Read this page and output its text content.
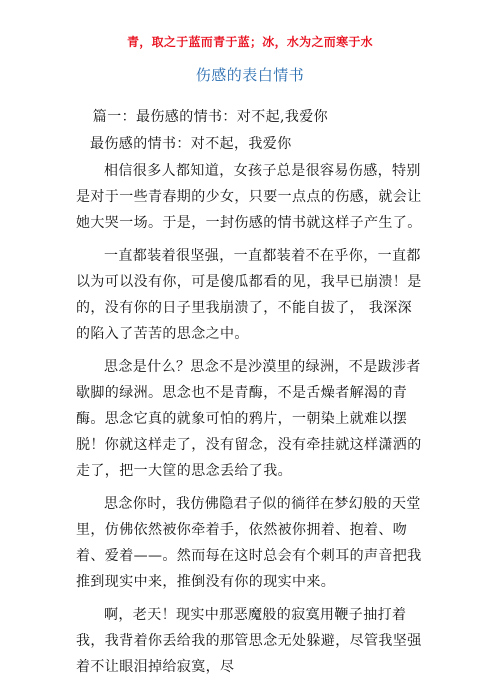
青，取之于蓝而青于蓝；冰，水为之而寒于水
伤感的表白情书

篇一：最伤感的情书：对不起,我爱你

最伤感的情书：对不起，我爱你

相信很多人都知道，女孩子总是很容易伤感，特别是对于一些青春期的少女，只要一点点的伤感，就会让她大哭一场。于是，一封伤感的情书就这样子产生了。

一直都装着很坚强，一直都装着不在乎你，一直都以为可以没有你，可是傻瓜都看的见，我早已崩溃！是的，没有你的日子里我崩溃了，不能自拔了， 我深深的陷入了苦苦的思念之中。

思念是什么？思念不是沙漠里的绿洲，不是跋涉者歇脚的绿洲。思念也不是青酶，不是舌燥者解渴的青酶。思念它真的就象可怕的鸦片，一朝染上就难以摆脱！你就这样走了，没有留念，没有牵挂就这样潇洒的走了，把一大筐的思念丢给了我。

思念你时，我仿佛隐君子似的徜徉在梦幻般的天堂里，仿佛依然被你牵着手，依然被你拥着、抱着、吻着、爱着——。然而每在这时总会有个刺耳的声音把我推到现实中来，推倒没有你的现实中来。

啊，老天！现实中那恶魔般的寂寞用鞭子抽打着我，我背着你丢给我的那管思念无处躲避，尽管我坚强着不让眼泪掉给寂寞，尽
